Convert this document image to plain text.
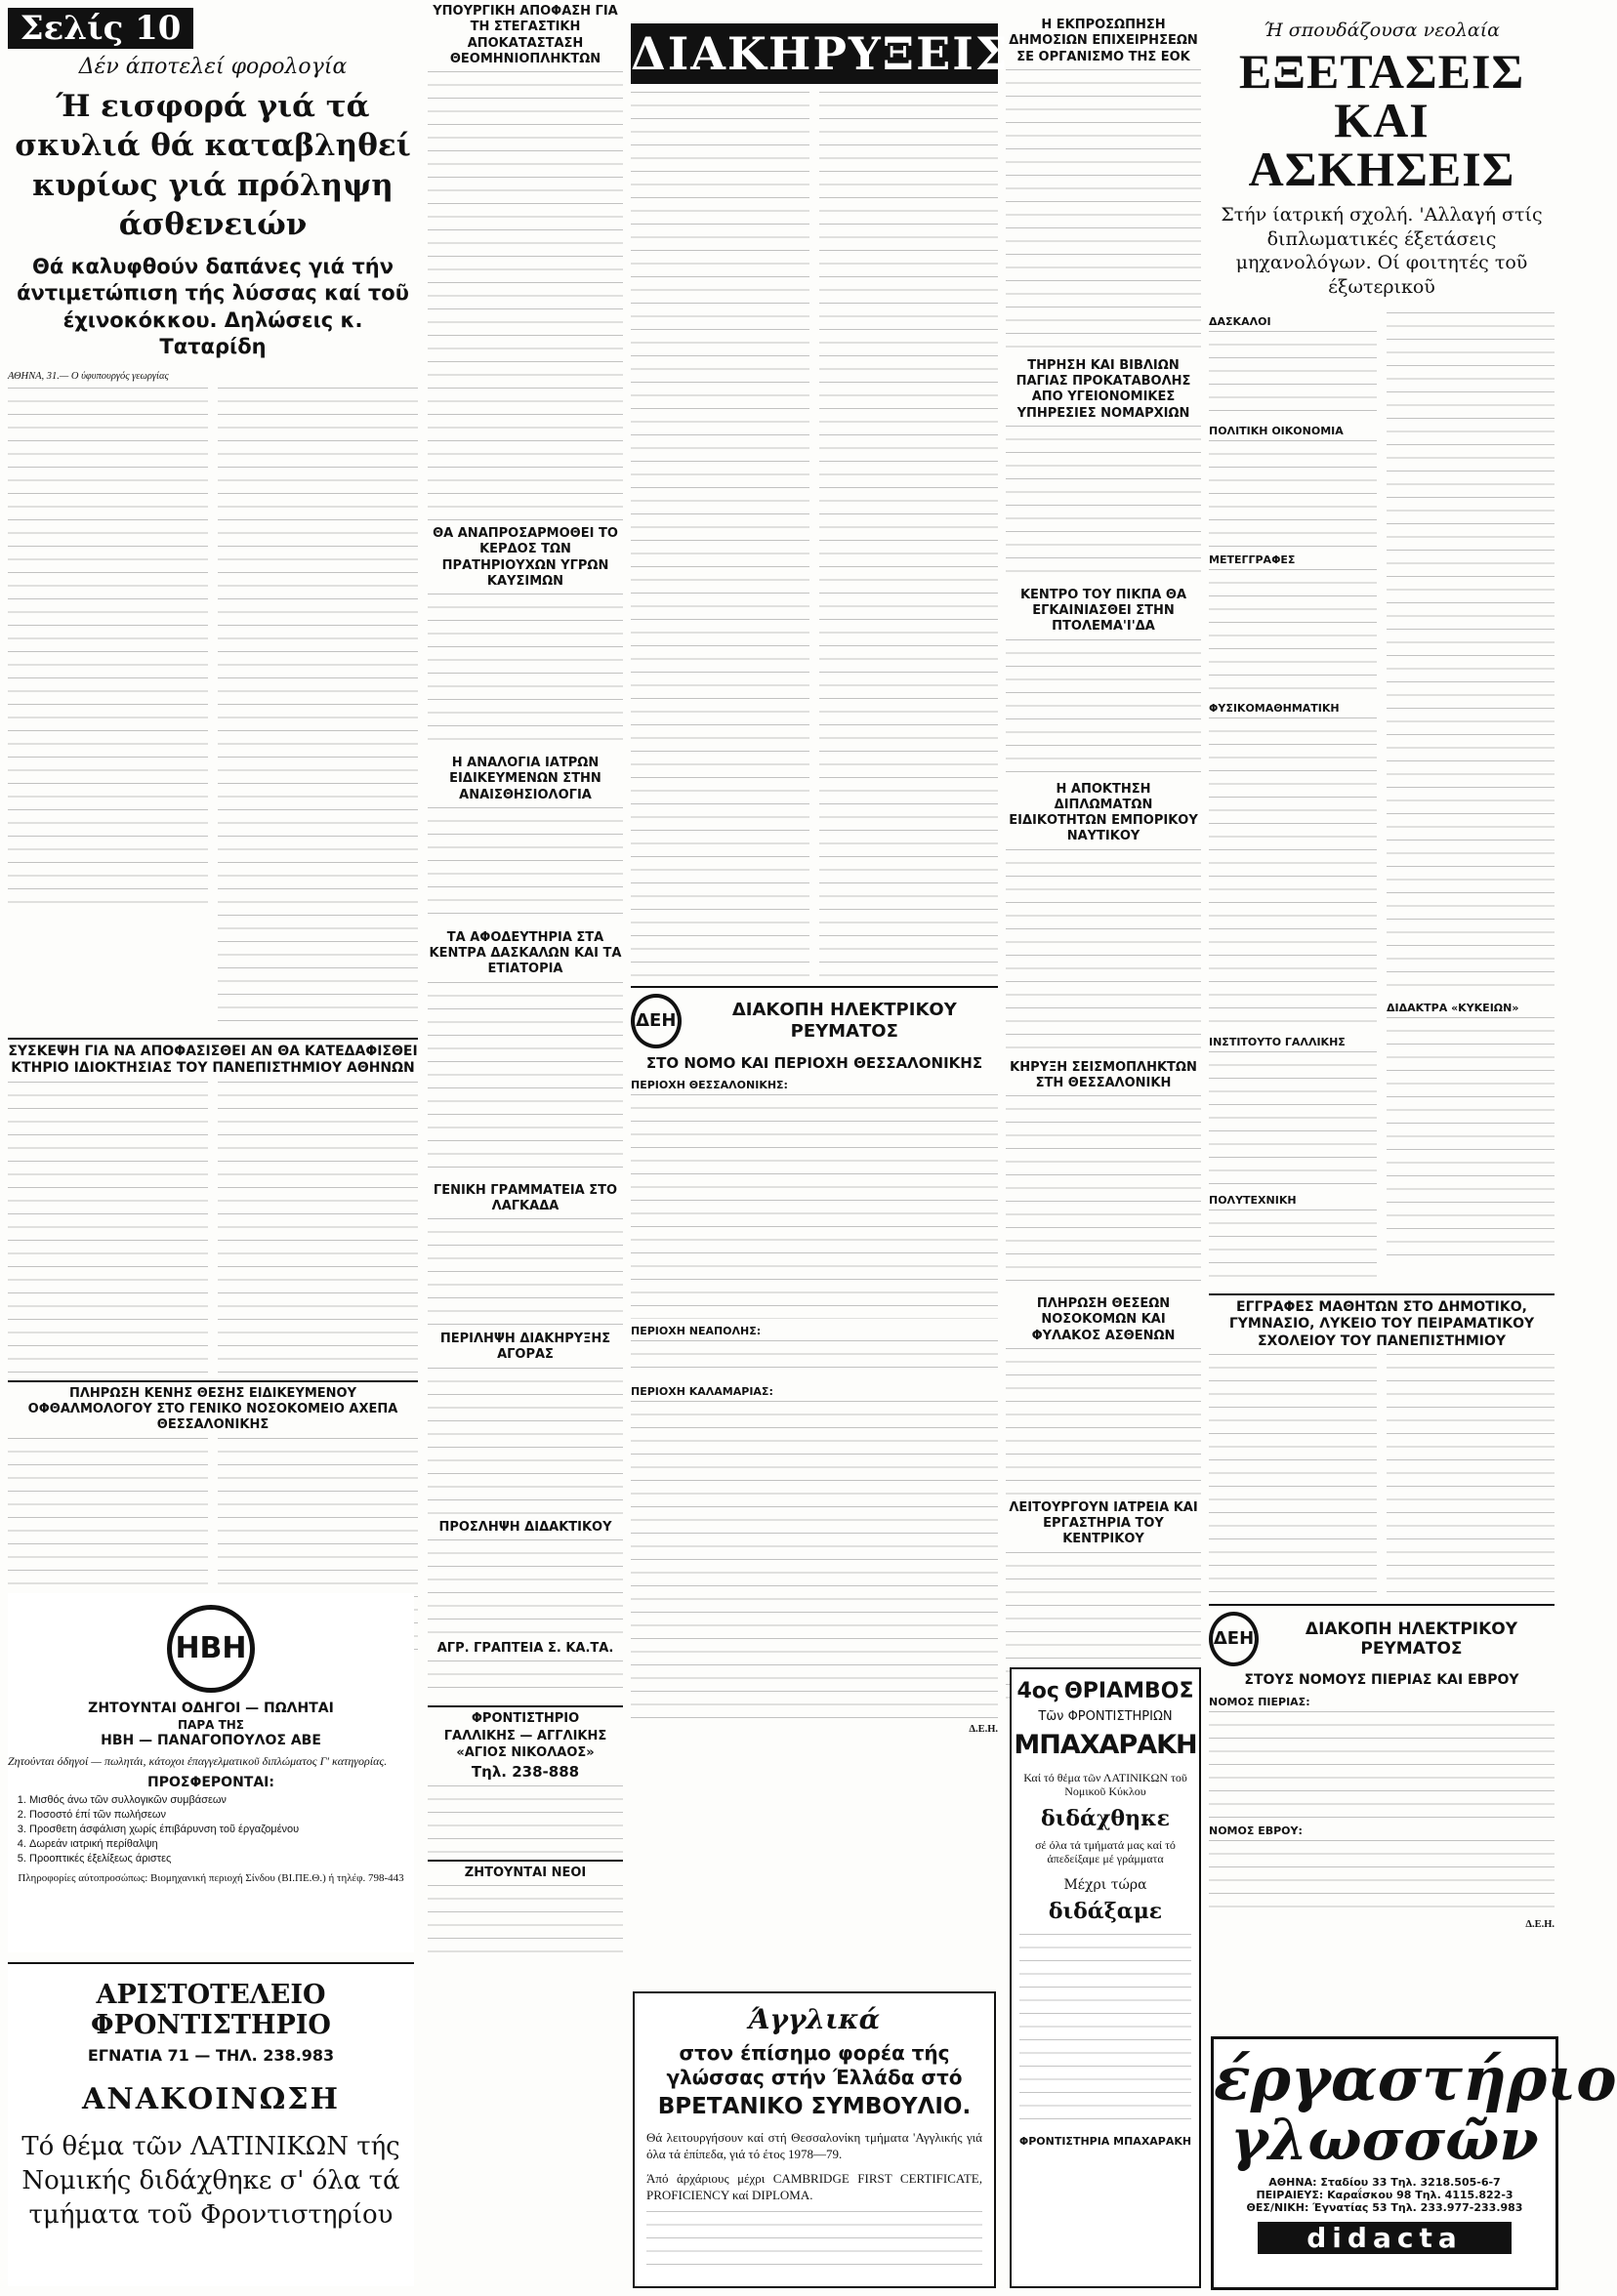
Σελίς 10
Δέν άποτελεί φορολογία
Ή εισφορά γιά τά σκυλιά θά καταβληθεί κυρίως γιά πρόληψη άσθενειών
Θά καλυφθούν δαπάνες γιά τήν άντιμετώπιση τής λύσσας καί τοῦ έχινοκόκκου. Δηλώσεις κ. Ταταρίδη
ΑΘΗΝΑ, 31.— Ο ύφυπουργός γεωργίας
ΣΥΣΚΕΨΗ ΓΙΑ ΝΑ ΑΠΟΦΑΣΙΣΘΕΙ ΑΝ ΘΑ ΚΑΤΕΔΑΦΙΣΘΕΙ ΚΤΗΡΙΟ ΙΔΙΟΚΤΗΣΙΑΣ ΤΟΥ ΠΑΝΕΠΙΣΤΗΜΙΟΥ ΑΘΗΝΩΝ
ΠΛΗΡΩΣΗ ΚΕΝΗΣ ΘΕΣΗΣ ΕΙΔΙΚΕΥΜΕΝΟΥ ΟΦΘΑΛΜΟΛΟΓΟΥ ΣΤΟ ΓΕΝΙΚΟ ΝΟΣΟΚΟΜΕΙΟ ΑΧΕΠΑ ΘΕΣΣΑΛΟΝΙΚΗΣ
ΗΒΗ
ΖΗΤΟΥΝΤΑΙ ΟΔΗΓΟΙ — ΠΩΛΗΤΑΙ
ΠΑΡΑ ΤΗΣ
ΗΒΗ — ΠΑΝΑΓΟΠΟΥΛΟΣ ΑΒΕ
Ζητούνται όδηγοί — πωλητάι, κάτοχοι έπαγγελματικοῦ διπλώματος Γ' κατηγορίας.
ΠΡΟΣΦΕΡΟΝΤΑΙ:
1. Μισθός άνω τῶν συλλογικῶν συμβάσεων
2. Ποσοστό έπί τῶν πωλήσεων
3. Προσθετη άσφάλιση χωρίς έπιβάρυνση τοῦ έργαζομένου
4. Δωρεάν ιατρική περίθαλψη
5. Προοπτικές έξελίξεως άριστες
Πληροφορίες αύτοπροσώπως: Βιομηχανική περιοχή Σίνδου (ΒΙ.ΠΕ.Θ.) ή τηλέφ. 798-443
ΑΡΙΣΤΟΤΕΛΕΙΟ ΦΡΟΝΤΙΣΤΗΡΙΟ
ΕΓΝΑΤΙΑ 71 — ΤΗΛ. 238.983
ΑΝΑΚΟΙΝΩΣΗ
Τό θέμα τῶν ΛΑΤΙΝΙΚΩΝ τής Νομικής διδάχθηκε σ' όλα τά τμήματα τοῦ Φροντιστηρίου
ΥΠΟΥΡΓΙΚΗ ΑΠΟΦΑΣΗ ΓΙΑ ΤΗ ΣΤΕΓΑΣΤΙΚΗ ΑΠΟΚΑΤΑΣΤΑΣΗ ΘΕΟΜΗΝΙΟΠΛΗΚΤΩΝ
ΘΑ ΑΝΑΠΡΟΣΑΡΜΟΘΕΙ ΤΟ ΚΕΡΔΟΣ ΤΩΝ ΠΡΑΤΗΡΙΟΥΧΩΝ ΥΓΡΩΝ ΚΑΥΣΙΜΩΝ
Η ΑΝΑΛΟΓΙΑ ΙΑΤΡΩΝ ΕΙΔΙΚΕΥΜΕΝΩΝ ΣΤΗΝ ΑΝΑΙΣΘΗΣΙΟΛΟΓΙΑ
ΤΑ ΑΦΟΔΕΥΤΗΡΙΑ ΣΤΑ ΚΕΝΤΡΑ ΔΑΣΚΑΛΩΝ ΚΑΙ ΤΑ ΕΤΙΑΤΟΡΙΑ
ΓΕΝΙΚΗ ΓΡΑΜΜΑΤΕΙΑ ΣΤΟ ΛΑΓΚΑΔΑ
ΠΕΡΙΛΗΨΗ ΔΙΑΚΗΡΥΞΗΣ ΑΓΟΡΑΣ
ΠΡΟΣΛΗΨΗ ΔΙΔΑΚΤΙΚΟΥ
ΑΓΡ. ΓΡΑΠΤΕΙΑ Σ. ΚΑ.ΤΑ.
ΦΡΟΝΤΙΣΤΗΡΙΟ
ΓΑΛΛΙΚΗΣ — ΑΓΓΛΙΚΗΣ «ΑΓΙΟΣ ΝΙΚΟΛΑΟΣ»
Τηλ. 238-888
ΖΗΤΟΥΝΤΑΙ ΝΕΟΙ
ΔΙΑΚΗΡΥΞΕΙΣ
ΔΕΗ
ΔΙΑΚΟΠΗ ΗΛΕΚΤΡΙΚΟΥ ΡΕΥΜΑΤΟΣ
ΣΤΟ ΝΟΜΟ ΚΑΙ ΠΕΡΙΟΧΗ ΘΕΣΣΑΛΟΝΙΚΗΣ
ΠΕΡΙΟΧΗ ΘΕΣΣΑΛΟΝΙΚΗΣ:
ΠΕΡΙΟΧΗ ΝΕΑΠΟΛΗΣ:
ΠΕΡΙΟΧΗ ΚΑΛΑΜΑΡΙΑΣ:
Δ.Ε.Η.
Άγγλικά
στον έπίσημο φορέα τής γλώσσας στήν Έλλάδα στό
ΒΡΕΤΑΝΙΚΟ ΣΥΜΒΟΥΛΙΟ.
Θά λειτουργήσουν καί στή Θεσσαλονίκη τμήματα 'Αγγλικής γιά όλα τά έπίπεδα, γιά τό έτος 1978—79.
Άπό άρχάριους μέχρι CAMBRIDGE FIRST CERTIFICATE, PROFICIENCY καί DIPLOMA.
Η ΕΚΠΡΟΣΩΠΗΣΗ ΔΗΜΟΣΙΩΝ ΕΠΙΧΕΙΡΗΣΕΩΝ ΣΕ ΟΡΓΑΝΙΣΜΟ ΤΗΣ ΕΟΚ
ΤΗΡΗΣΗ ΚΑΙ ΒΙΒΛΙΩΝ ΠΑΓΙΑΣ ΠΡΟΚΑΤΑΒΟΛΗΣ ΑΠΟ ΥΓΕΙΟΝΟΜΙΚΕΣ ΥΠΗΡΕΣΙΕΣ ΝΟΜΑΡΧΙΩΝ
ΚΕΝΤΡΟ ΤΟΥ ΠΙΚΠΑ ΘΑ ΕΓΚΑΙΝΙΑΣΘΕΙ ΣΤΗΝ ΠΤΟΛΕΜΑ'Ι'ΔΑ
Η ΑΠΟΚΤΗΣΗ ΔΙΠΛΩΜΑΤΩΝ ΕΙΔΙΚΟΤΗΤΩΝ ΕΜΠΟΡΙΚΟΥ ΝΑΥΤΙΚΟΥ
ΚΗΡΥΞΗ ΣΕΙΣΜΟΠΛΗΚΤΩΝ ΣΤΗ ΘΕΣΣΑΛΟΝΙΚΗ
ΠΛΗΡΩΣΗ ΘΕΣΕΩΝ ΝΟΣΟΚΟΜΩΝ ΚΑΙ ΦΥΛΑΚΟΣ ΑΣΘΕΝΩΝ
ΛΕΙΤΟΥΡΓΟΥΝ ΙΑΤΡΕΙΑ ΚΑΙ ΕΡΓΑΣΤΗΡΙΑ ΤΟΥ ΚΕΝΤΡΙΚΟΥ
4ος ΘΡΙΑΜΒΟΣ
Τῶν ΦΡΟΝΤΙΣΤΗΡΙΩΝ
ΜΠΑΧΑΡΑΚΗ
Καί τό θέμα τῶν ΛΑΤΙΝΙΚΩΝ τοῦ Νομικοῦ Κύκλου
διδάχθηκε
σέ όλα τά τμήματά μας καί τό άπεδείξαμε μέ γράμματα
Μέχρι τώρα
διδάξαμε
ΦΡΟΝΤΙΣΤΗΡΙΑ ΜΠΑΧΑΡΑΚΗ
Ή σπουδάζουσα νεολαία
ΕΞΕΤΑΣΕΙΣ ΚΑΙ ΑΣΚΗΣΕΙΣ
Στήν ίατρική σχολή. 'Αλλαγή στίς διπλωματικές έξετάσεις μηχανολόγων. Οί φοιτητές τοῦ έξωτερικοῦ
ΔΑΣΚΑΛΟΙ
ΠΟΛΙΤΙΚΗ ΟΙΚΟΝΟΜΙΑ
ΜΕΤΕΓΓΡΑΦΕΣ
ΦΥΣΙΚΟΜΑΘΗΜΑΤΙΚΗ
ΙΝΣΤΙΤΟΥΤΟ ΓΑΛΛΙΚΗΣ
ΠΟΛΥΤΕΧΝΙΚΗ
ΔΙΔΑΚΤΡΑ «ΚΥΚΕΙΩΝ»
ΕΓΓΡΑΦΕΣ ΜΑΘΗΤΩΝ ΣΤΟ ΔΗΜΟΤΙΚΟ, ΓΥΜΝΑΣΙΟ, ΛΥΚΕΙΟ ΤΟΥ ΠΕΙΡΑΜΑΤΙΚΟΥ ΣΧΟΛΕΙΟΥ ΤΟΥ ΠΑΝΕΠΙΣΤΗΜΙΟΥ
ΔΕΗ	ΔΙΑΚΟΠΗ ΗΛΕΚΤΡΙΚΟΥ ΡΕΥΜΑΤΟΣ
ΣΤΟΥΣ ΝΟΜΟΥΣ ΠΙΕΡΙΑΣ ΚΑΙ ΕΒΡΟΥ
ΝΟΜΟΣ ΠΙΕΡΙΑΣ:
ΝΟΜΟΣ ΕΒΡΟΥ:
Δ.Ε.Η.
έργαστήριο
γλωσσῶν
ΑΘΗΝΑ: Σταδίου 33 Τηλ. 3218.505-6-7
ΠΕΙΡΑΙΕΥΣ: Καραΐσκου 98 Τηλ. 4115.822-3
ΘΕΣ/ΝΙΚΗ: Έγνατίας 53 Τηλ. 233.977-233.983
didacta
